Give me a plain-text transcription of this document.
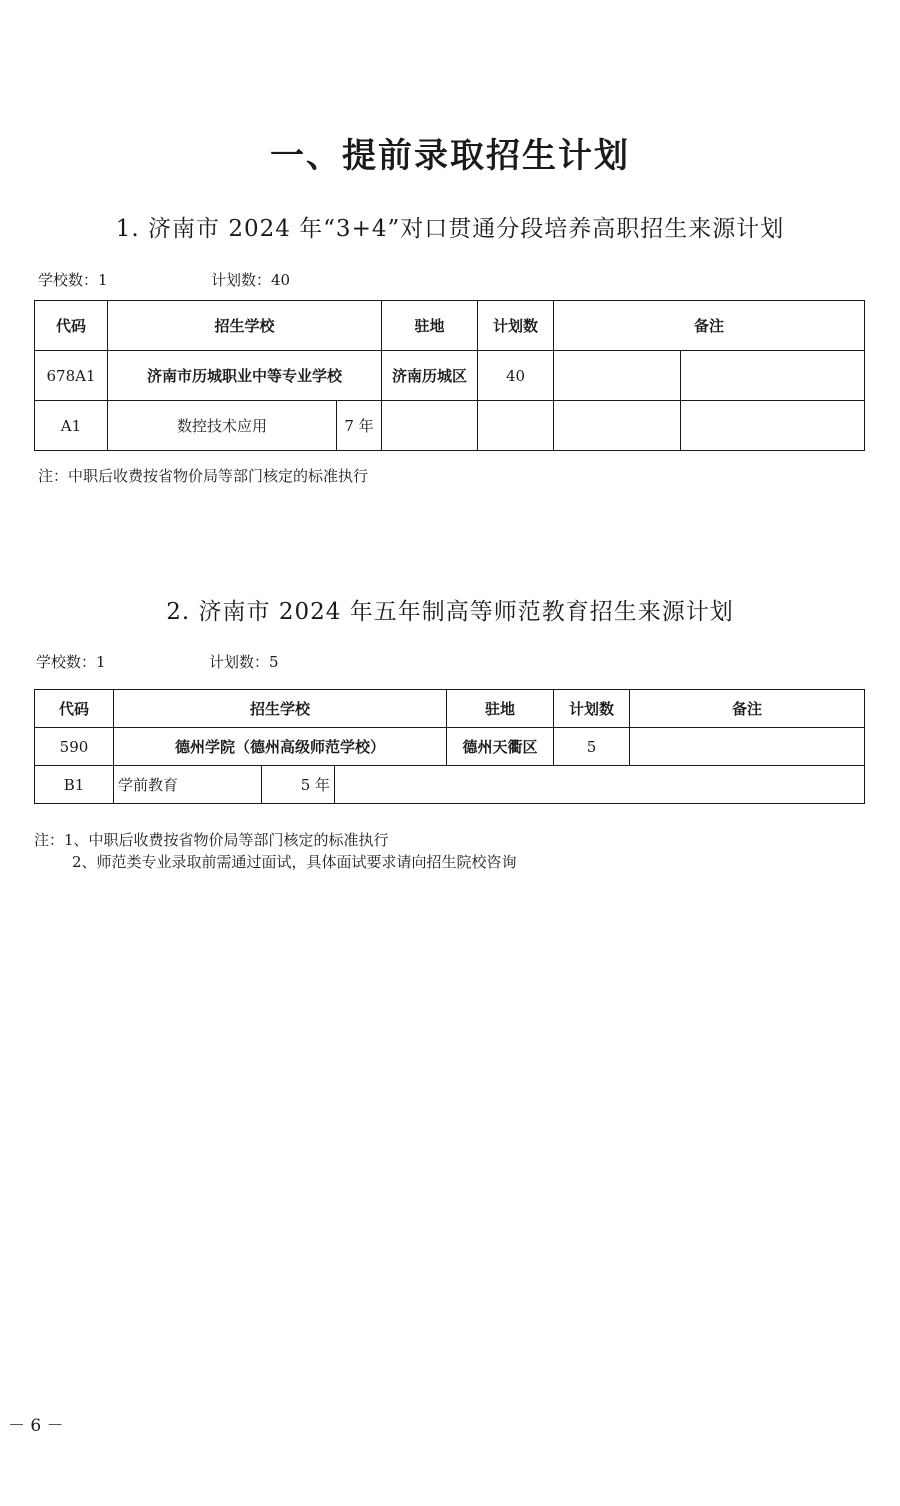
一、提前录取招生计划
1. 济南市 2024 年“3+4”对口贯通分段培养高职招生来源计划
学校数：1	计划数：40
代码	招生学校		驻地	计划数	备注	
678A1	济南市历城职业中等专业学校		济南历城区	40		
A1	数控技术应用	7 年				
注：中职后收费按省物价局等部门核定的标准执行
2. 济南市 2024 年五年制高等师范教育招生来源计划
学校数：1	计划数：5
代码	招生学校			驻地	计划数	备注
590	德州学院（德州高级师范学校）			德州天衢区	5	
B1	学前教育	5 年				
注：1、中职后收费按省物价局等部门核定的标准执行
2、师范类专业录取前需通过面试，具体面试要求请向招生院校咨询
－ 6 －
